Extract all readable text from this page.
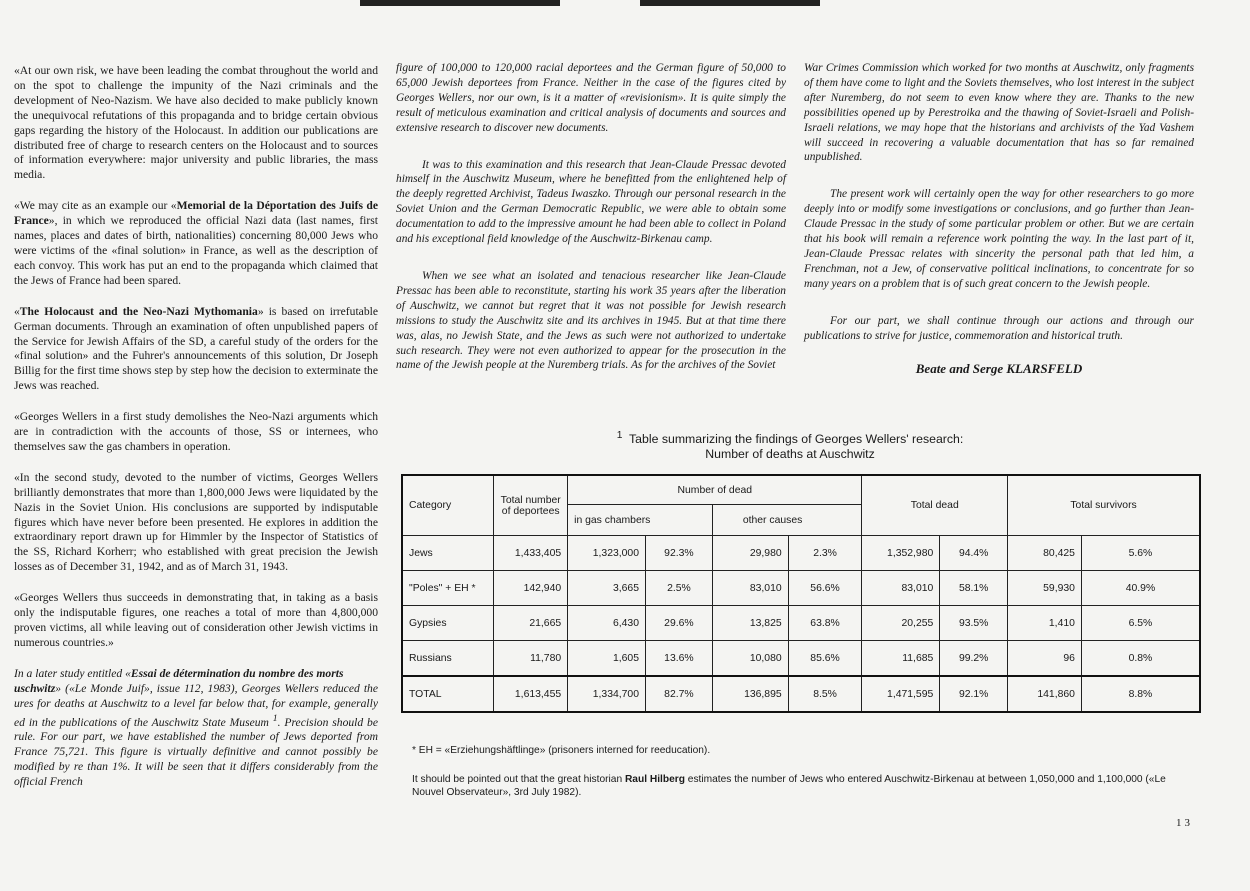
«At our own risk, we have been leading the combat throughout the world and on the spot to challenge the impunity of the Nazi criminals and the development of Neo-Nazism. We have also decided to make publicly known the unequivocal refutations of this propaganda and to bridge certain obvious gaps regarding the history of the Holocaust. In addition our publications are distributed free of charge to research centers on the Holocaust and to sources of information everywhere: major university and public libraries, the mass media.

«We may cite as an example our «Memorial de la Déportation des Juifs de France», in which we reproduced the official Nazi data (last names, first names, places and dates of birth, nationalities) concerning 80,000 Jews who were victims of the «final solution» in France, as well as the description of each convoy. This work has put an end to the propaganda which claimed that the Jews of France had been spared.

«The Holocaust and the Neo-Nazi Mythomania» is based on irrefutable German documents. Through an examination of often unpublished papers of the Service for Jewish Affairs of the SD, a careful study of the orders for the «final solution» and the Fuhrer's announcements of this solution, Dr Joseph Billig for the first time shows step by step how the decision to exterminate the Jews was reached.

«Georges Wellers in a first study demolishes the Neo-Nazi arguments which are in contradiction with the accounts of those, SS or internees, who themselves saw the gas chambers in operation.

«In the second study, devoted to the number of victims, Georges Wellers brilliantly demonstrates that more than 1,800,000 Jews were liquidated by the Nazis in the Soviet Union. His conclusions are supported by indisputable figures which have never before been presented. He explores in addition the extraordinary report drawn up for Himmler by the Inspector of Statistics of the SS, Richard Korherr; who established with great precision the Jewish losses as of December 31, 1942, and as of March 31, 1943.

«Georges Wellers thus succeeds in demonstrating that, in taking as a basis only the indisputable figures, one reaches a total of more than 4,800,000 proven victims, all while leaving out of consideration other Jewish victims in numerous countries.»

In a later study entitled «Essai de détermination du nombre des morts
uschwitz» («Le Monde Juif», issue 112, 1983), Georges Wellers reduced the ures for deaths at Auschwitz to a level far below that, for example, generally ed in the publications of the Auschwitz State Museum $^1$. Precision should be rule. For our part, we have established the number of Jews deported from France 75,721. This figure is virtually definitive and cannot possibly be modified by re than 1%. It will be seen that it differs considerably from the official French

figure of 100,000 to 120,000 racial deportees and the German figure of 50,000 to 65,000 Jewish deportees from France. Neither in the case of the figures cited by Georges Wellers, nor our own, is it a matter of «revisionism». It is quite simply the result of meticulous examination and critical analysis of documents and sources and extensive research to discover new documents.

It was to this examination and this research that Jean-Claude Pressac devoted himself in the Auschwitz Museum, where he benefitted from the enlightened help of the deeply regretted Archivist, Tadeus Iwaszko. Through our personal research in the Soviet Union and the German Democratic Republic, we were able to obtain some documentation to add to the impressive amount he had been able to collect in Poland and his exceptional field knowledge of the Auschwitz-Birkenau camp.

When we see what an isolated and tenacious researcher like Jean-Claude Pressac has been able to reconstitute, starting his work 35 years after the liberation of Auschwitz, we cannot but regret that it was not possible for Jewish research missions to study the Auschwitz site and its archives in 1945. But at that time there was, alas, no Jewish State, and the Jews as such were not authorized to undertake such research. They were not even authorized to appear for the prosecution in the name of the Jewish people at the Nuremberg trials. As for the archives of the Soviet

War Crimes Commission which worked for two months at Auschwitz, only fragments of them have come to light and the Soviets themselves, who lost interest in the subject after Nuremberg, do not seem to even know where they are. Thanks to the new possibilities opened up by Perestroika and the thawing of Soviet-Israeli and Polish-Israeli relations, we may hope that the historians and archivists of the Yad Vashem will succeed in recovering a valuable documentation that has so far remained unpublished.

The present work will certainly open the way for other researchers to go more deeply into or modify some investigations or conclusions, and go further than Jean-Claude Pressac in the study of some particular problem or other. But we are certain that his book will remain a reference work pointing the way. In the last part of it, Jean-Claude Pressac relates with sincerity the personal path that led him, a Frenchman, not a Jew, of conservative political inclinations, to concentrate for so many years on a problem that is of such great concern to the Jewish people.

For our part, we shall continue through our actions and through our publications to strive for justice, commemoration and historical truth.

Beate and Serge KLARSFELD
$^1$ Table summarizing the findings of Georges Wellers' research:
Number of deaths at Auschwitz
Category	Total number of deportees	Number of dead				Total dead		Total survivors	
		in gas chambers		other causes					
Jews	1,433,405	1,323,000	92.3%	29,980	2.3%	1,352,980	94.4%	80,425	5.6%
"Poles" + EH *	142,940	3,665	2.5%	83,010	56.6%	83,010	58.1%	59,930	40.9%
Gypsies	21,665	6,430	29.6%	13,825	63.8%	20,255	93.5%	1,410	6.5%
Russians	11,780	1,605	13.6%	10,080	85.6%	11,685	99.2%	96	0.8%
TOTAL	1,613,455	1,334,700	82.7%	136,895	8.5%	1,471,595	92.1%	141,860	8.8%
* EH = «Erziehungshäftlinge» (prisoners interned for reeducation).
It should be pointed out that the great historian Raul Hilberg estimates the number of Jews who entered Auschwitz-Birkenau at between 1,050,000 and 1,100,000 («Le Nouvel Observateur», 3rd July 1982).
13
